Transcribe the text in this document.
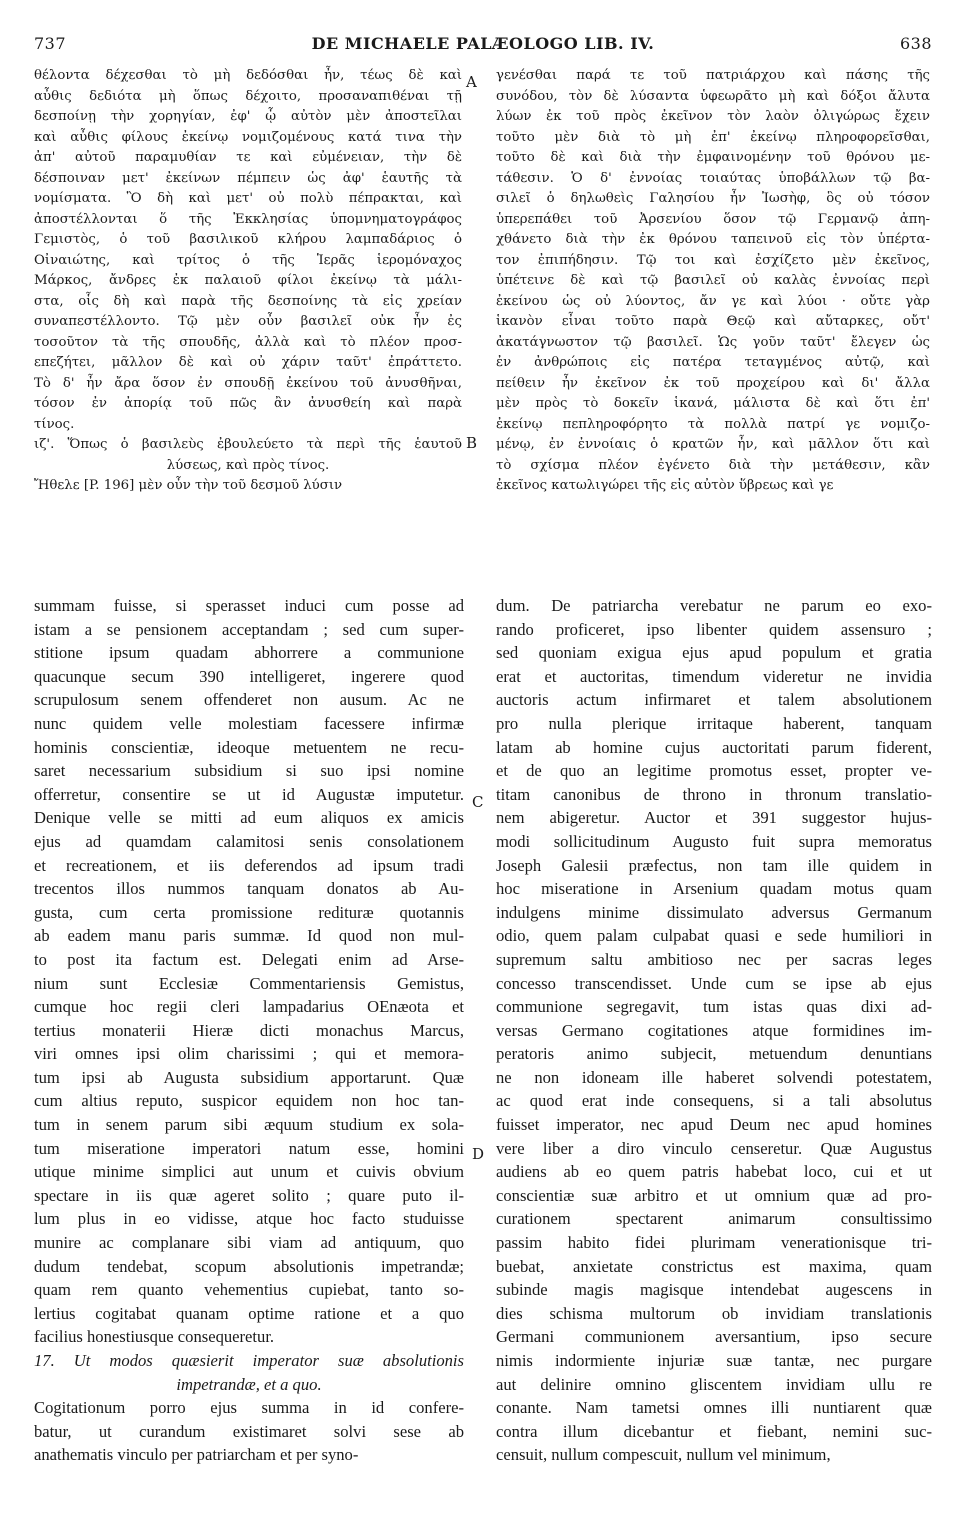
737	DE MICHAELE PALÆOLOGO LIB. IV.	638
θέλοντα δέχεσθαι τὸ μὴ δεδόσθαι ἦν, τέως δὲ καὶ
αὖθις δεδιότα μὴ ὅπως δέχοιτο, προσαναπιθέναι τῇ
δεσποίνῃ τὴν χορηγίαν, ἐφ' ᾧ αὐτὸν μὲν ἀποστεῖλαι
καὶ αὖθις φίλους ἐκείνῳ νομιζομένους κατά τινα τὴν
ἀπ' αὐτοῦ παραμυθίαν τε καὶ εὐμένειαν, τὴν δὲ
δέσποιναν μετ' ἐκείνων πέμπειν ὡς ἀφ' ἑαυτῆς τὰ
νομίσματα. Ὃ δὴ καὶ μετ' οὐ πολὺ πέπρακται, καὶ
ἀποστέλλονται ὅ τῆς Ἐκκλησίας ὑπομνηματογράφος
Γεμιστὸς, ὁ τοῦ βασιλικοῦ κλήρου λαμπαδάριος ὁ
Οἰναιώτης, καὶ τρίτος ὁ τῆς Ἱερᾶς ἱερομόναχος
Μάρκος, ἄνδρες ἐκ παλαιοῦ φίλοι ἐκείνῳ τὰ μάλι-
στα, οἷς δὴ καὶ παρὰ τῆς δεσποίνης τὰ εἰς χρείαν
συναπεστέλλοντο. Τῷ μὲν οὖν βασιλεῖ οὐκ ἦν ἐς
τοσοῦτον τὰ τῆς σπουδῆς, ἀλλὰ καὶ τὸ πλέον προσ-
επεζήτει, μᾶλλον δὲ καὶ οὐ χάριν ταῦτ' ἐπράττετο.
Τὸ δ' ἦν ἄρα ὅσον ἐν σπουδῇ ἐκείνου τοῦ ἀνυσθῆναι,
τόσον ἐν ἀπορίᾳ τοῦ πῶς ἂν ἀνυσθείη καὶ παρὰ
τίνος.
ιζ'. Ὅπως ὁ βασιλεὺς ἐβουλεύετο τὰ περὶ τῆς ἑαυτοῦ
λύσεως, καὶ πρὸς τίνος.
Ἤθελε [P. 196] μὲν οὖν τὴν τοῦ δεσμοῦ λύσιν
γενέσθαι παρά τε τοῦ πατριάρχου καὶ πάσης τῆς
συνόδου, τὸν δὲ λύσαντα ὑφεωρᾶτο μὴ καὶ δόξοι ἄλυτα
λύων ἐκ τοῦ πρὸς ἐκεῖνον τὸν λαὸν ὀλιγώρως ἔχειν
τοῦτο μὲν διὰ τὸ μὴ ἐπ' ἐκείνῳ πληροφορεῖσθαι,
τοῦτο δὲ καὶ διὰ τὴν ἐμφαινομένην τοῦ θρόνου με-
τάθεσιν. Ὁ δ' ἐννοίας τοιαύτας ὑποβάλλων τῷ βα-
σιλεῖ ὁ δηλωθεὶς Γαλησίου ἦν Ἰωσὴφ, ὃς οὐ τόσον
ὑπερεπάθει τοῦ Ἀρσενίου ὅσον τῷ Γερμανῷ ἀπη-
χθάνετο διὰ τὴν ἐκ θρόνου ταπεινοῦ εἰς τὸν ὑπέρτα-
τον ἐπιπήδησιν. Τῷ τοι καὶ ἐσχίζετο μὲν ἐκεῖνος,
ὑπέτεινε δὲ καὶ τῷ βασιλεῖ οὐ καλὰς ἐννοίας περὶ
ἐκείνου ὡς οὐ λύοντος, ἄν γε καὶ λύοι · οὔτε γὰρ
ἱκανὸν εἶναι τοῦτο παρὰ Θεῷ καὶ αὔταρκες, οὔτ'
ἀκατάγνωστον τῷ βασιλεῖ. Ὡς γοῦν ταῦτ' ἔλεγεν ὡς
ἐν ἀνθρώποις εἰς πατέρα τεταγμένος αὐτῷ, καὶ
πείθειν ἦν ἐκεῖνον ἐκ τοῦ προχείρου καὶ δι' ἄλλα
μὲν πρὸς τὸ δοκεῖν ἱκανά, μάλιστα δὲ καὶ ὅτι ἐπ'
ἐκείνῳ πεπληροφόρητο τὰ πολλὰ πατρί γε νομιζο-
μένῳ, ἐν ἐννοίαις ὁ κρατῶν ἦν, καὶ μᾶλλον ὅτι καὶ
τὸ σχίσμα πλέον ἐγένετο διὰ τὴν μετάθεσιν, κἂν
ἐκεῖνος κατωλιγώρει τῆς εἰς αὐτὸν ὕβρεως καὶ γε
summam fuisse, si sperasset induci cum posse ad
istam a se pensionem acceptandam ; sed cum super-
stitione ipsum quadam abhorrere a communione
quacunque secum 390 intelligeret, ingerere quod
scrupulosum senem offenderet non ausum. Ac ne
nunc quidem velle molestiam facessere infirmæ
hominis conscientiæ, ideoque metuentem ne recu-
saret necessarium subsidium si suo ipsi nomine
offerretur, consentire se ut id Augustæ imputetur.
Denique velle se mitti ad eum aliquos ex amicis
ejus ad quamdam calamitosi senis consolationem
et recreationem, et iis deferendos ad ipsum tradi
trecentos illos nummos tanquam donatos ab Au-
gusta, cum certa promissione redituræ quotannis
ab eadem manu paris summæ. Id quod non mul-
to post ita factum est. Delegati enim ad Arse-
nium sunt Ecclesiæ Commentariensis Gemistus,
cumque hoc regii cleri lampadarius OEnæota et
tertius monaterii Hieræ dicti monachus Marcus,
viri omnes ipsi olim charissimi ; qui et memora-
tum ipsi ab Augusta subsidium apportarunt. Quæ
cum altius reputo, suspicor equidem non hoc tan-
tum in senem parum sibi æquum studium ex sola-
tum miseratione imperatori natum esse, homini
utique minime simplici aut unum et cuivis obvium
spectare in iis quæ ageret solito ; quare puto il-
lum plus in eo vidisse, atque hoc facto studuisse
munire ac complanare sibi viam ad antiquum, quo
dudum tendebat, scopum absolutionis impetrandæ;
quam rem quanto vehementius cupiebat, tanto so-
lertius cogitabat quanam optime ratione et a quo
facilius honestiusque consequeretur.
17. Ut modos quæsierit imperator suæ absolutionis
impetrandæ, et a quo.
Cogitationum porro ejus summa in id confere-
batur, ut curandum existimaret solvi sese ab
anathematis vinculo per patriarcham et per syno-
dum. De patriarcha verebatur ne parum eo exo-
rando proficeret, ipso libenter quidem assensuro ;
sed quoniam exigua ejus apud populum et gratia
erat et auctoritas, timendum videretur ne invidia
auctoris actum infirmaret et talem absolutionem
pro nulla plerique irritaque haberent, tanquam
latam ab homine cujus auctoritati parum fiderent,
et de quo an legitime promotus esset, propter ve-
titam canonibus de throno in thronum translatio-
nem abigeretur. Auctor et 391 suggestor hujus-
modi sollicitudinum Augusto fuit supra memoratus
Joseph Galesii præfectus, non tam ille quidem in
hoc miseratione in Arsenium quadam motus quam
indulgens minime dissimulato adversus Germanum
odio, quem palam culpabat quasi e sede humiliori in
supremum saltu ambitioso nec per sacras leges
concesso transcendisset. Unde cum se ipse ab ejus
communione segregavit, tum istas quas dixi ad-
versas Germano cogitationes atque formidines im-
peratoris animo subjecit, metuendum denuntians
ne non idoneam ille haberet solvendi potestatem,
ac quod erat inde consequens, si a tali absolutus
fuisset imperator, nec apud Deum nec apud homines
vere liber a diro vinculo censeretur. Quæ Augustus
audiens ab eo quem patris habebat loco, cui et ut
conscientiæ suæ arbitro et ut omnium quæ ad pro-
curationem spectarent animarum consultissimo
passim habito fidei plurimam venerationisque tri-
buebat, anxietate constrictus est maxima, quam
subinde magis magisque intendebat augescens in
dies schisma multorum ob invidiam translationis
Germani communionem aversantium, ipso secure
nimis indormiente injuriæ suæ tantæ, nec purgare
aut delinire omnino gliscentem invidiam ullu re
conante. Nam tametsi omnes illi nuntiarent quæ
contra illum dicebantur et fiebant, nemini suc-
censuit, nullum compescuit, nullum vel minimum,
A
B
C
D
